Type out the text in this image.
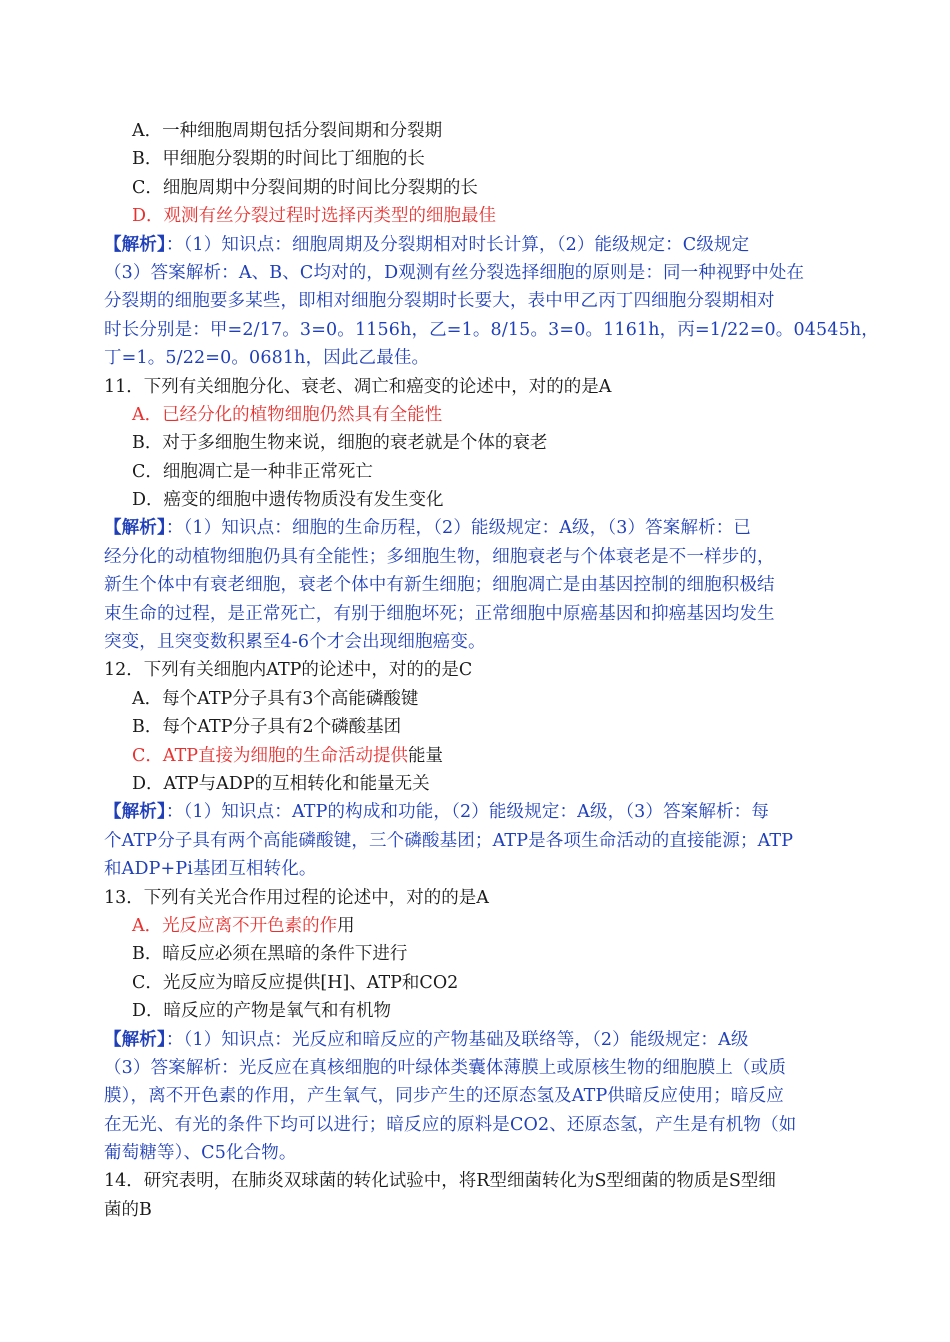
A．一种细胞周期包括分裂间期和分裂期
B．甲细胞分裂期的时间比丁细胞的长
C．细胞周期中分裂间期的时间比分裂期的长
D．观测有丝分裂过程时选择丙类型的细胞最佳
【解析】：（1）知识点：细胞周期及分裂期相对时长计算，（2）能级规定：C级规定
（3）答案解析：A、B、C均对的，D观测有丝分裂选择细胞的原则是：同一种视野中处在
分裂期的细胞要多某些，即相对细胞分裂期时长要大，表中甲乙丙丁四细胞分裂期相对
时长分别是：甲=2/17。3=0。1156h，乙=1。8/15。3=0。1161h，丙=1/22=0。04545h，
丁=1。5/22=0。0681h，因此乙最佳。
11．下列有关细胞分化、衰老、凋亡和癌变的论述中，对的的是A
A．已经分化的植物细胞仍然具有全能性
B．对于多细胞生物来说，细胞的衰老就是个体的衰老
C．细胞凋亡是一种非正常死亡
D．癌变的细胞中遗传物质没有发生变化
【解析】：（1）知识点：细胞的生命历程，（2）能级规定：A级，（3）答案解析：已
经分化的动植物细胞仍具有全能性；多细胞生物，细胞衰老与个体衰老是不一样步的，
新生个体中有衰老细胞，衰老个体中有新生细胞；细胞凋亡是由基因控制的细胞积极结
束生命的过程，是正常死亡，有别于细胞坏死；正常细胞中原癌基因和抑癌基因均发生
突变，且突变数积累至4-6个才会出现细胞癌变。
12．下列有关细胞内ATP的论述中，对的的是C
A．每个ATP分子具有3个高能磷酸键
B．每个ATP分子具有2个磷酸基团
C．ATP直接为细胞的生命活动提供能量
D．ATP与ADP的互相转化和能量无关
【解析】：（1）知识点：ATP的构成和功能，（2）能级规定：A级，（3）答案解析：每
个ATP分子具有两个高能磷酸键，三个磷酸基团；ATP是各项生命活动的直接能源；ATP
和ADP+Pi基团互相转化。
13．下列有关光合作用过程的论述中，对的的是A
A．光反应离不开色素的作用
B．暗反应必须在黑暗的条件下进行
C．光反应为暗反应提供[H]、ATP和CO2
D．暗反应的产物是氧气和有机物
【解析】：（1）知识点：光反应和暗反应的产物基础及联络等，（2）能级规定：A级
（3）答案解析：光反应在真核细胞的叶绿体类囊体薄膜上或原核生物的细胞膜上（或质
膜），离不开色素的作用，产生氧气，同步产生的还原态氢及ATP供暗反应使用；暗反应
在无光、有光的条件下均可以进行；暗反应的原料是CO2、还原态氢，产生是有机物（如
葡萄糖等）、C5化合物。
14．研究表明，在肺炎双球菌的转化试验中，将R型细菌转化为S型细菌的物质是S型细
菌的B
